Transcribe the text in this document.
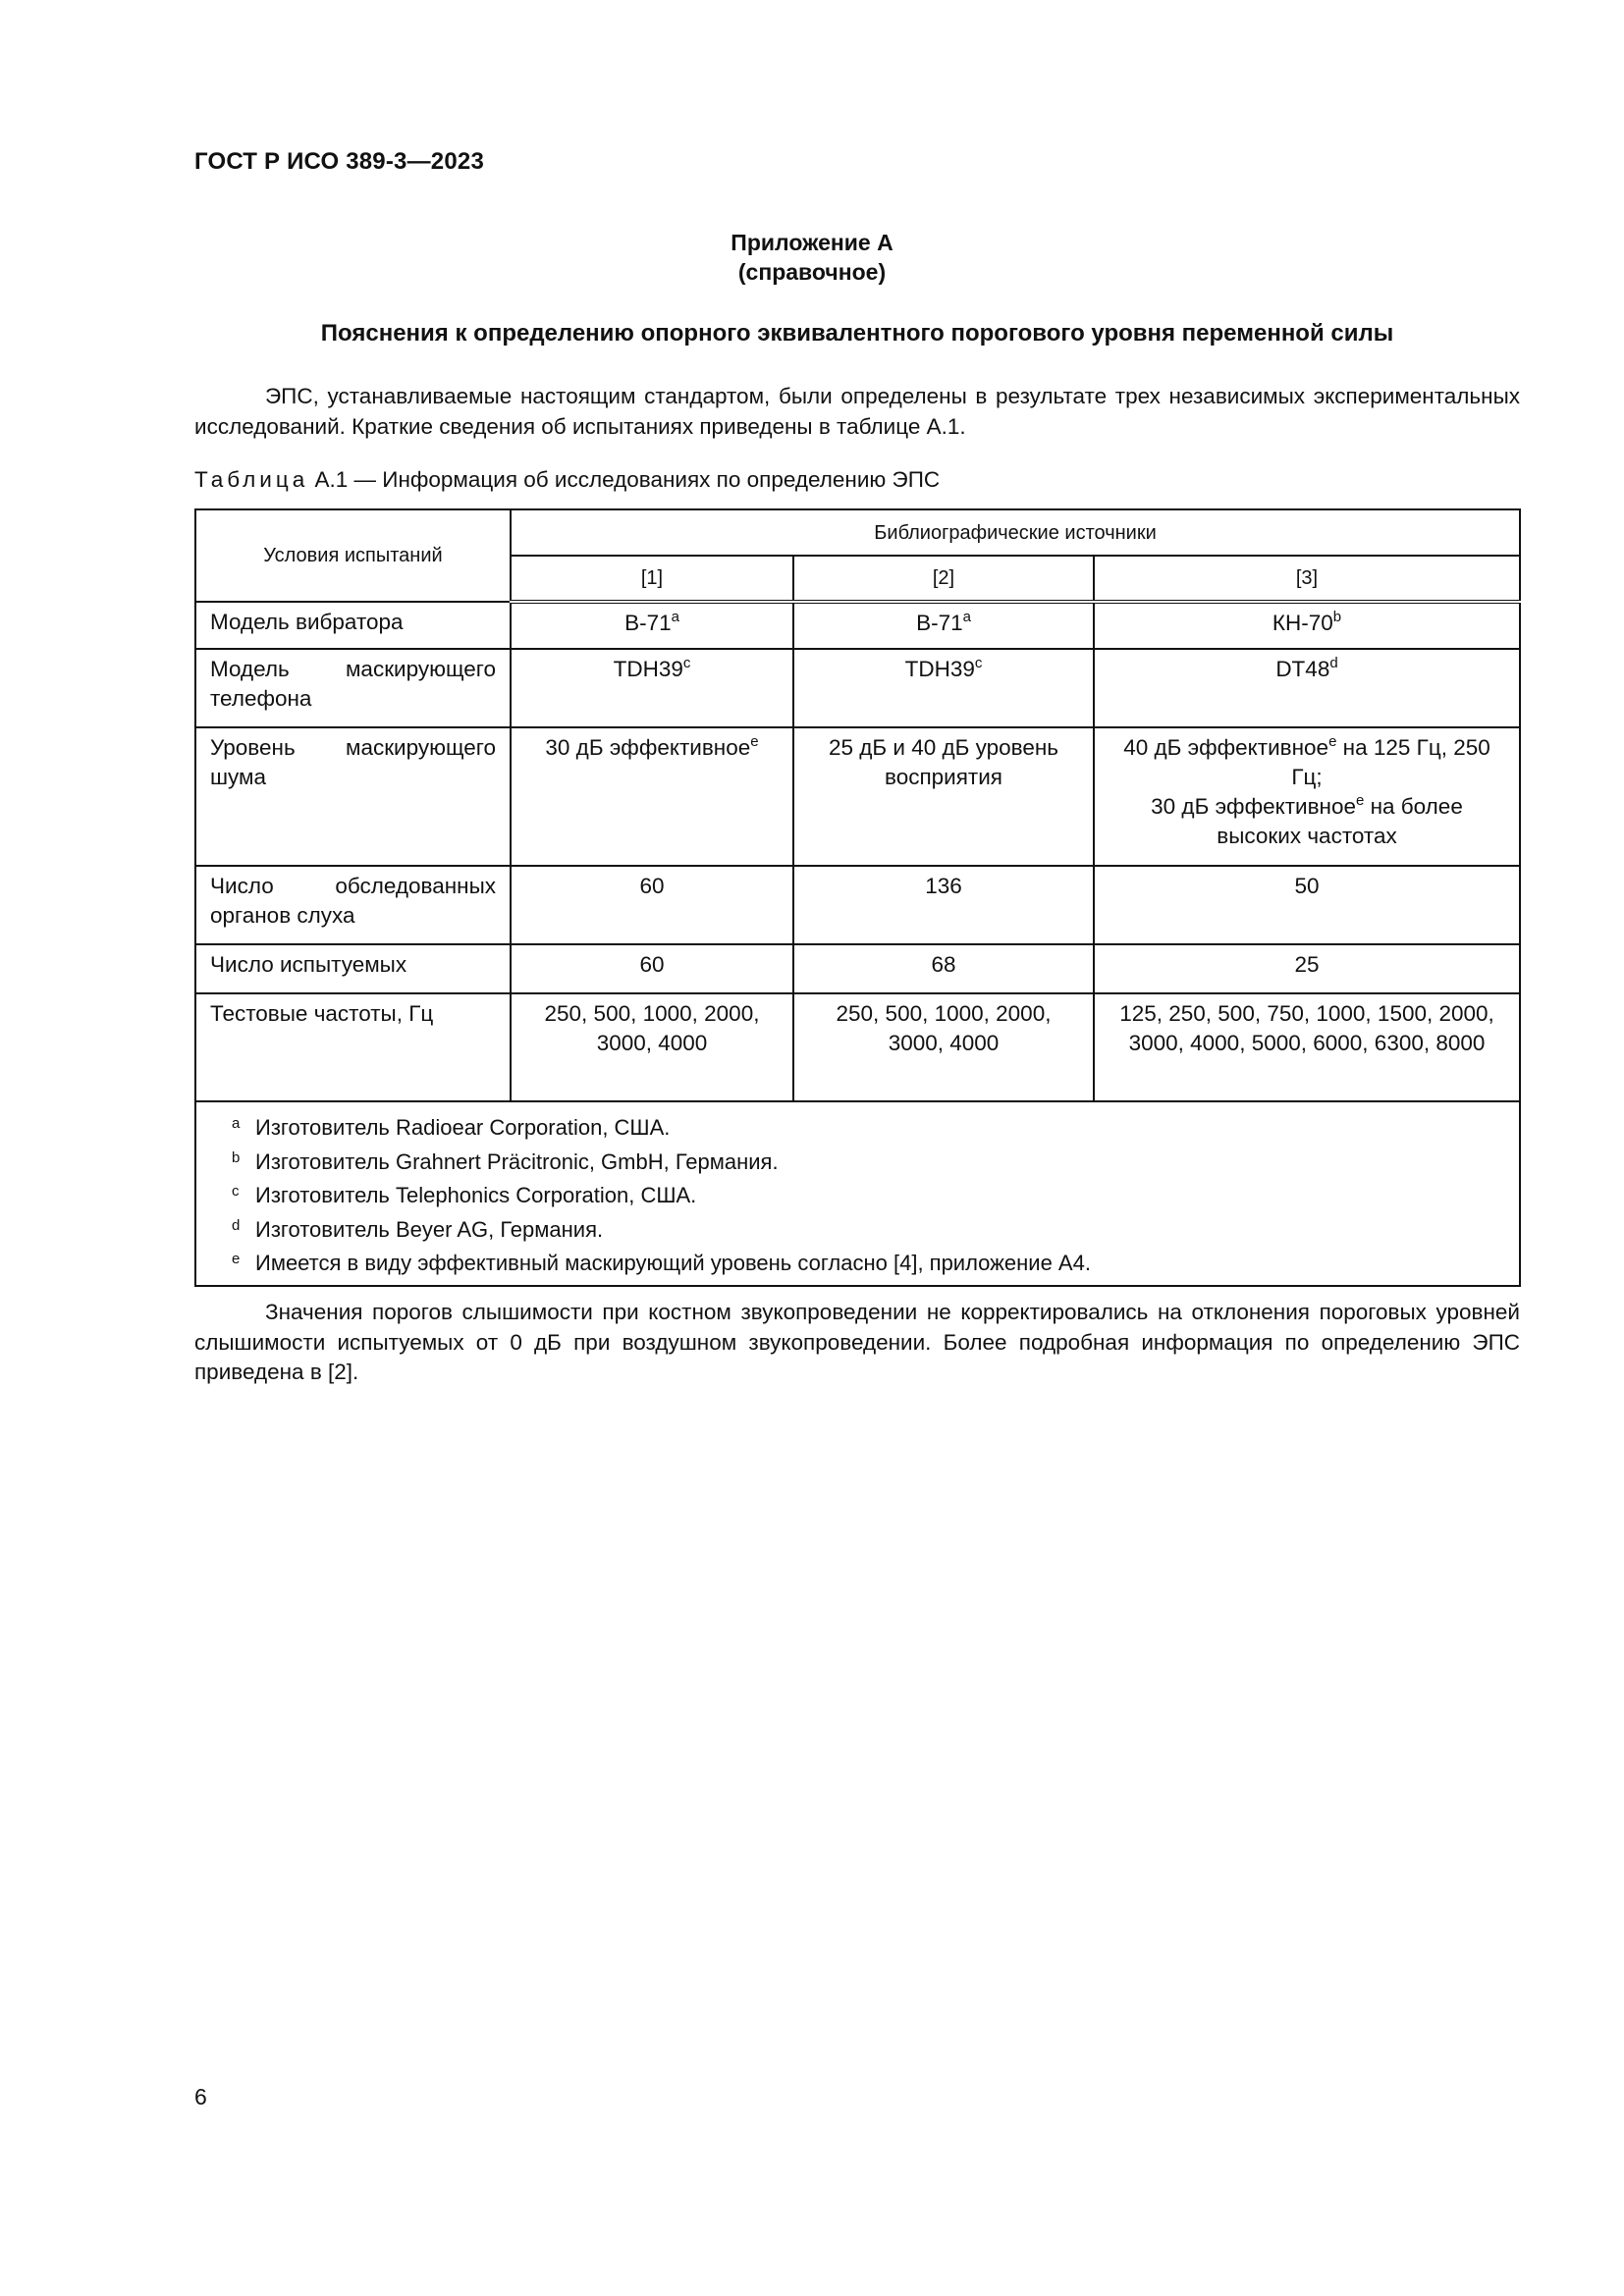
ГОСТ Р ИСО 389-3—2023
Приложение А
(справочное)
Пояснения к определению опорного эквивалентного порогового уровня переменной силы

ЭПС, устанавливаемые настоящим стандартом, были определены в результате трех независимых экспериментальных исследований. Краткие сведения об испытаниях приведены в таблице А.1.

Таблица А.1 — Информация об исследованиях по определению ЭПС
Условия испытаний	Библиографические источники		
	[1]	[2]	[3]
Модель вибратора	$В-71^а$	$В-71^а$	КН-70$^b$
Модель маскирующего телефона	TDH39$^c$	TDH39$^c$	DT48$^d$
Уровень маскирующего шума	30 дБ эффективное$^е$	25 дБ и 40 дБ уровень восприятия	40 дБ эффективное$^е$ на 125 Гц, 250 Гц;
30 дБ эффективное$^е$ на более высоких частотах
Число обследованных органов слуха	60	136	50
Число испытуемых	60	68	25
Тестовые частоты, Гц	250, 500, 1000, 2000, 3000, 4000	250, 500, 1000, 2000, 3000, 4000	125, 250, 500, 750, 1000, 1500, 2000, 3000, 4000, 5000, 6000, 6300, 8000

а Изготовитель Radioear Corporation, США.
b Изготовитель Grahnert Präcitronic, GmbH, Германия.
c Изготовитель Telephonics Corporation, США.
d Изготовитель Beyer AG, Германия.
е Имеется в виду эффективный маскирующий уровень согласно [4], приложение А4.			

Значения порогов слышимости при костном звукопроведении не корректировались на отклонения пороговых уровней слышимости испытуемых от 0 дБ при воздушном звукопроведении. Более подробная информация по определению ЭПС приведена в [2].

6
